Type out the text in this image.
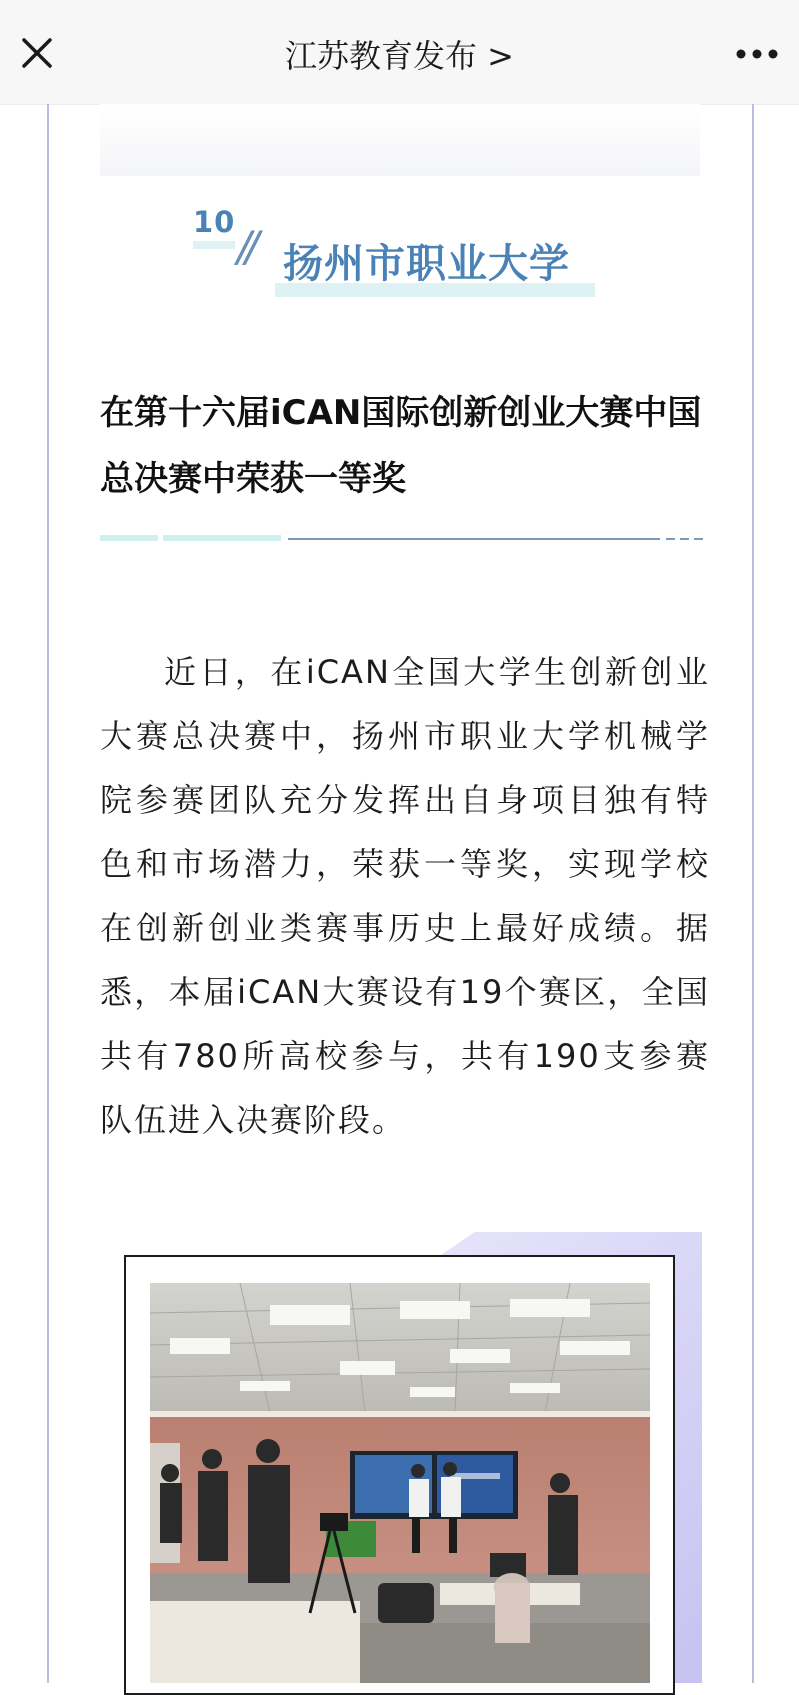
江苏教育发布 >
10 // 扬州市职业大学
在第十六届iCAN国际创新创业大赛中国总决赛中荣获一等奖
近日，在iCAN全国大学生创新创业大赛总决赛中，扬州市职业大学机械学院参赛团队充分发挥出自身项目独有特色和市场潜力，荣获一等奖，实现学校在创新创业类赛事历史上最好成绩。据悉，本届iCAN大赛设有19个赛区，全国共有780所高校参与，共有190支参赛队伍进入决赛阶段。
